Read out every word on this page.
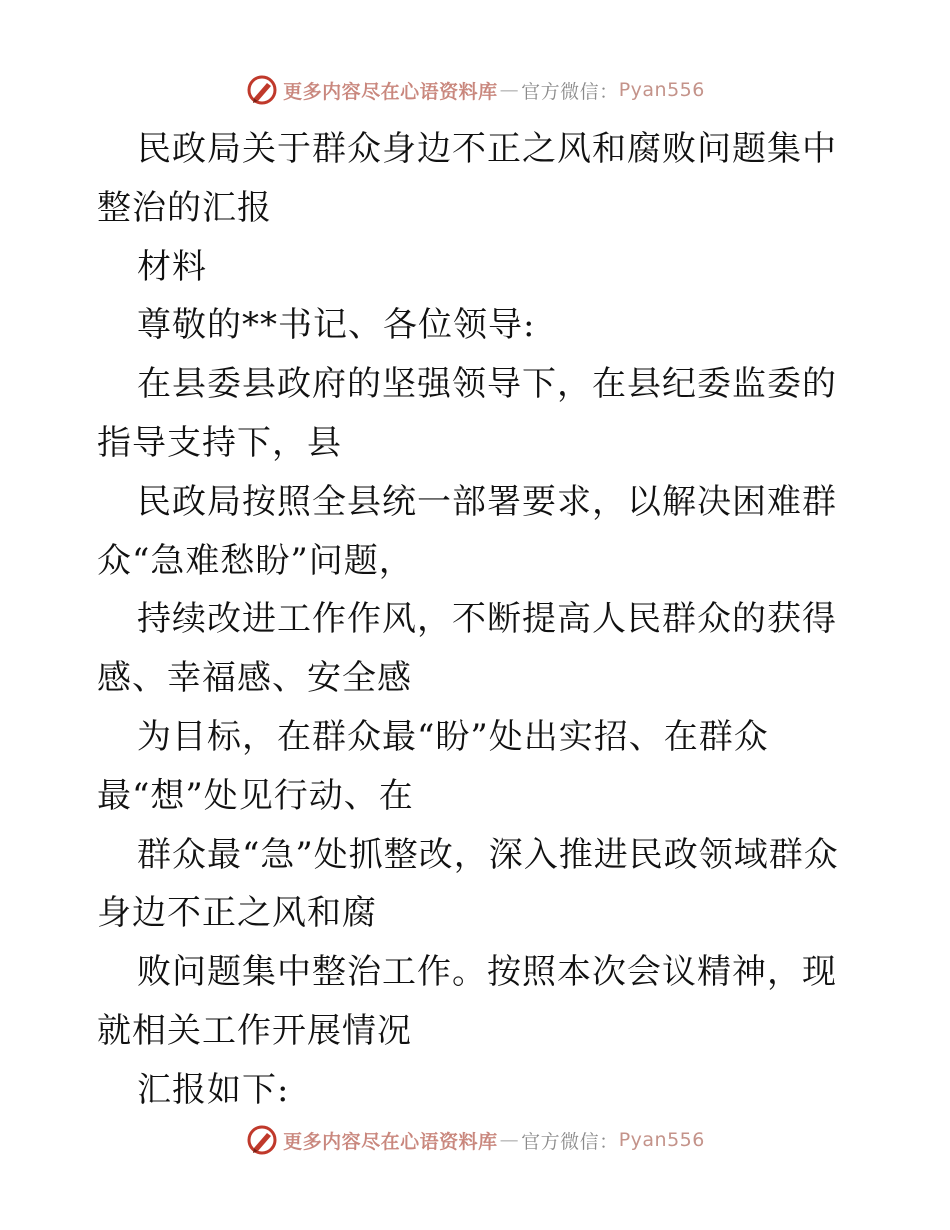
更多内容尽在心语资料库 — 官方微信： Pyan556

民政局关于群众身边不正之风和腐败问题集中整治的汇报

材料

尊敬的**书记、各位领导:

在县委县政府的坚强领导下，在县纪委监委的指导支持下，县

民政局按照全县统一部署要求，以解决困难群众“急难愁盼”问题，

持续改进工作作风，不断提高人民群众的获得感、幸福感、安全感

为目标，在群众最“盼”处出实招、在群众最“想”处见行动、在

群众最“急”处抓整改，深入推进民政领域群众身边不正之风和腐

败问题集中整治工作。按照本次会议精神，现就相关工作开展情况

汇报如下:

更多内容尽在心语资料库 — 官方微信： Pyan556
